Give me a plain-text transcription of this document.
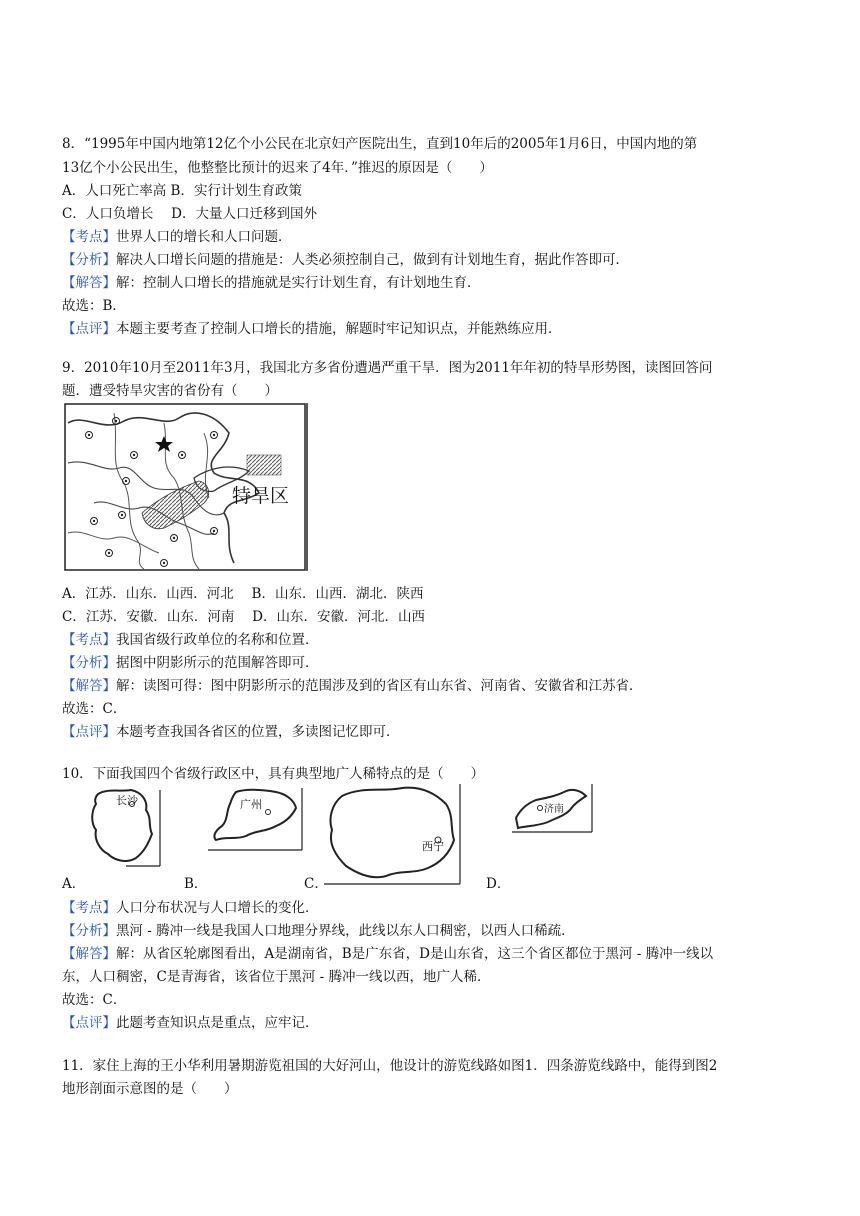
8．“1995年中国内地第12亿个小公民在北京妇产医院出生，直到10年后的2005年1月6日，中国内地的第
13亿个小公民出生，他整整比预计的迟来了4年．”推迟的原因是（　　）
A．人口死亡率高 B．实行计划生育政策
C．人口负增长　 D．大量人口迁移到国外
【考点】世界人口的增长和人口问题．
【分析】解决人口增长问题的措施是：人类必须控制自己，做到有计划地生育，据此作答即可．
【解答】解：控制人口增长的措施就是实行计划生育，有计划地生育．
故选：B．
【点评】本题主要考查了控制人口增长的措施，解题时牢记知识点，并能熟练应用．
9．2010年10月至2011年3月，我国北方多省份遭遇严重干旱．图为2011年年初的特旱形势图，读图回答问
题．遭受特旱灾害的省份有（　　）
特旱区
A．江苏．山东．山西．河北　 B．山东．山西．湖北．陕西
C．江苏．安徽．山东．河南　 D．山东．安徽．河北．山西
【考点】我国省级行政单位的名称和位置．
【分析】据图中阴影所示的范围解答即可．
【解答】解：读图可得：图中阴影所示的范围涉及到的省区有山东省、河南省、安徽省和江苏省．
故选：C．
【点评】本题考查我国各省区的位置，多读图记忆即可．
10．下面我国四个省级行政区中，具有典型地广人稀特点的是（　　）
长沙	广州
西宁
济南
A．	B．	C．	D．
【考点】人口分布状况与人口增长的变化．
【分析】黑河 - 腾冲一线是我国人口地理分界线，此线以东人口稠密，以西人口稀疏．
【解答】解：从省区轮廓图看出，A是湖南省，B是广东省，D是山东省，这三个省区都位于黑河 - 腾冲一线以
东，人口稠密，C是青海省，该省位于黑河 - 腾冲一线以西，地广人稀．
故选：C．
【点评】此题考查知识点是重点，应牢记．
11．家住上海的王小华利用暑期游览祖国的大好河山，他设计的游览线路如图1．四条游览线路中，能得到图2
地形剖面示意图的是（　　）
